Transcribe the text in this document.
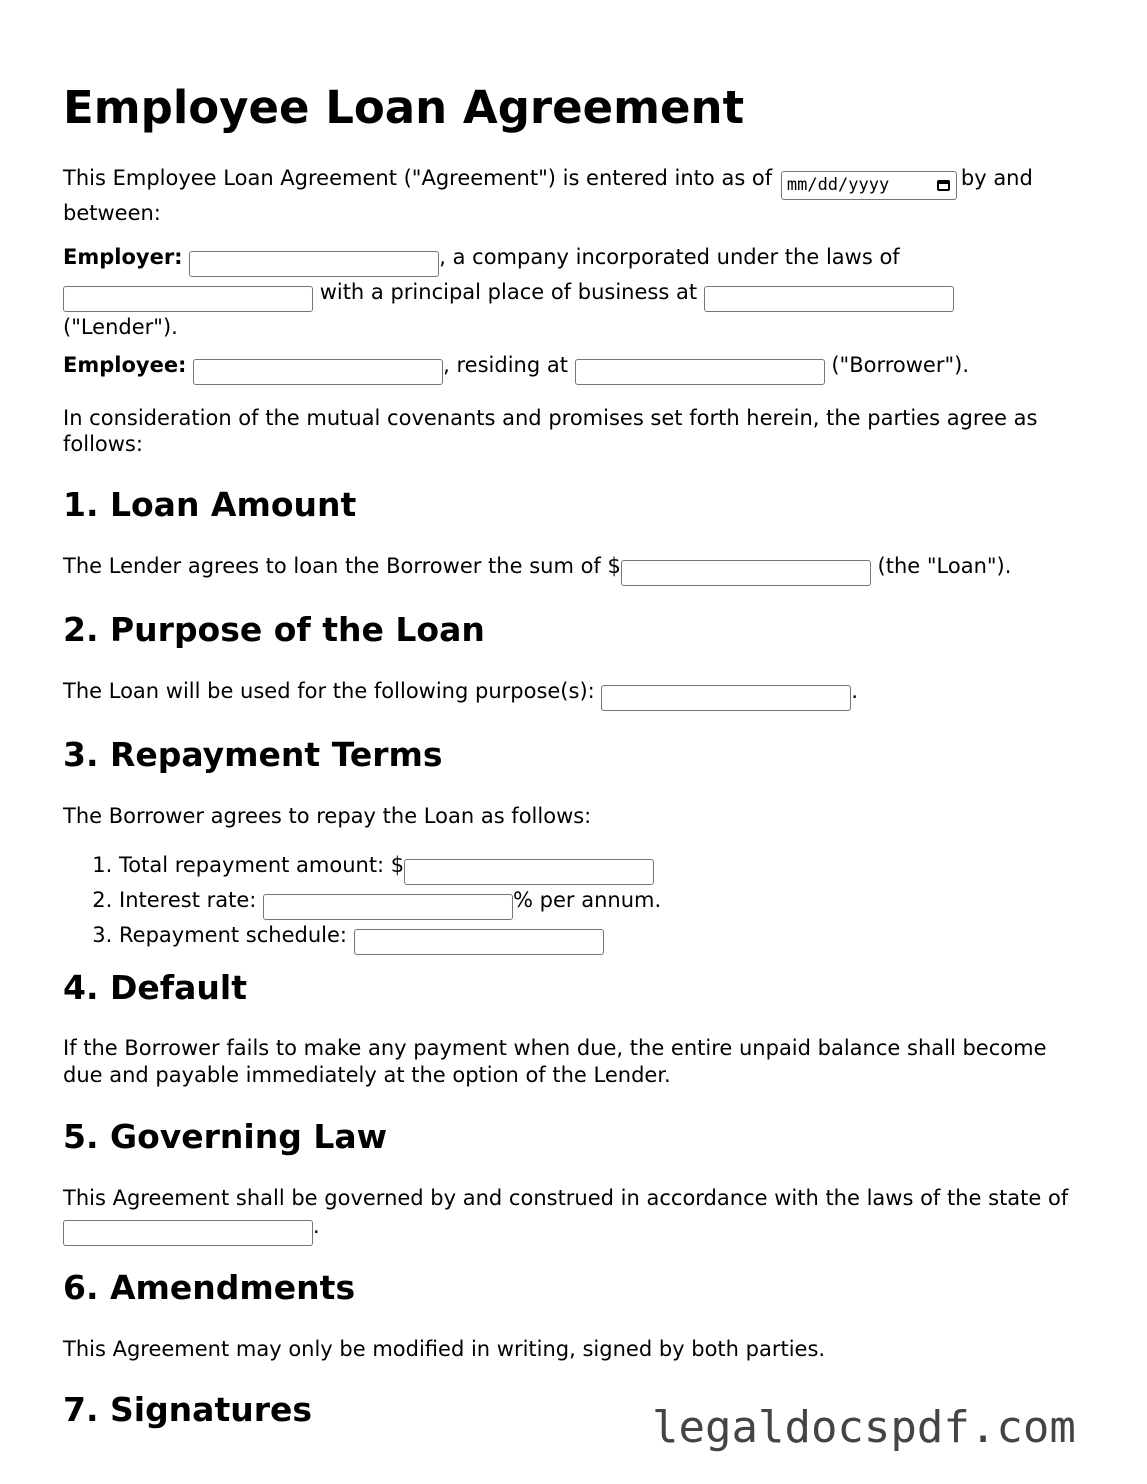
Employee Loan Agreement
This Employee Loan Agreement ("Agreement") is entered into as of mm/dd/yyyy	by and between:
Employer:	, a company incorporated under the laws of
with a principal place of business at
("Lender").
Employee:	, residing at	("Borrower").
In consideration of the mutual covenants and promises set forth herein, the parties agree as follows:
1. Loan Amount
The Lender agrees to loan the Borrower the sum of $	(the "Loan").
2. Purpose of the Loan
The Loan will be used for the following purpose(s):	.
3. Repayment Terms
The Borrower agrees to repay the Loan as follows:
1. Total repayment amount: $
2. Interest rate:	% per annum.
3. Repayment schedule:
4. Default
If the Borrower fails to make any payment when due, the entire unpaid balance shall become due and payable immediately at the option of the Lender.
5. Governing Law
This Agreement shall be governed by and construed in accordance with the laws of the state of .
6. Amendments
This Agreement may only be modified in writing, signed by both parties.
7. Signatures	legaldocspdf.com
